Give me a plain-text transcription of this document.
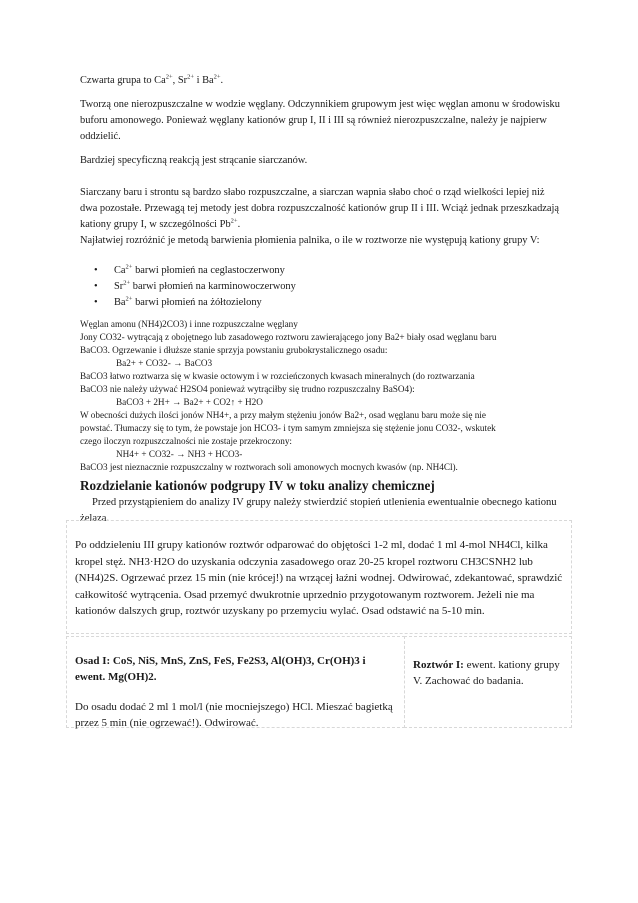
Czwarta grupa to $Ca^{2+}$, $Sr^{2+}$ i $Ba^{2+}$.

Tworzą one nierozpuszczalne w wodzie węglany. Odczynnikiem grupowym jest więc węglan amonu w środowisku buforu amonowego. Ponieważ węglany kationów grup I, II i III są również nierozpuszczalne, należy je najpierw oddzielić.

Bardziej specyficzną reakcją jest strącanie siarczanów.

Siarczany baru i strontu są bardzo słabo rozpuszczalne, a siarczan wapnia słabo choć o rząd wielkości lepiej niż dwa pozostałe. Przewagą tej metody jest dobra rozpuszczalność kationów grup II i III. Wciąż jednak przeszkadzają kationy grupy I, w szczególności $Pb^{2+}$.

Najłatwiej rozróżnić je metodą barwienia płomienia palnika, o ile w roztworze nie występują kationy grupy V:

• $Ca^{2+}$ barwi płomień na ceglastoczerwony
• $Sr^{2+}$ barwi płomień na karminowoczerwony
• $Ba^{2+}$ barwi płomień na żółtozielony
Węglan amonu (NH4)2CO3) i inne rozpuszczalne węglany
Jony CO32- wytrącają z obojętnego lub zasadowego roztworu zawierającego jony Ba2+ biały osad węglanu baru
BaCO3. Ogrzewanie i dłuższe stanie sprzyja powstaniu grubokrystalicznego osadu:
Ba2+ + CO32- → BaCO3
BaCO3 łatwo roztwarza się w kwasie octowym i w rozcieńczonych kwasach mineralnych (do roztwarzania
BaCO3 nie należy używać H2SO4 ponieważ wytrąciłby się trudno rozpuszczalny BaSO4):
BaCO3 + 2H+ → Ba2+ + CO2↑ + H2O
W obecności dużych ilości jonów NH4+, a przy małym stężeniu jonów Ba2+, osad węglanu baru może się nie
powstać. Tłumaczy się to tym, że powstaje jon HCO3- i tym samym zmniejsza się stężenie jonu CO32-, wskutek
czego iloczyn rozpuszczalności nie zostaje przekroczony:
NH4+ + CO32- → NH3 + HCO3-
BaCO3 jest nieznacznie rozpuszczalny w roztworach soli amonowych mocnych kwasów (np. NH4Cl).
Rozdzielanie kationów podgrupy IV w toku analizy chemicznej

Przed przystąpieniem do analizy IV grupy należy stwierdzić stopień utlenienia ewentualnie obecnego kationu żelaza.

Po oddzieleniu III grupy kationów roztwór odparować do objętości 1-2 ml, dodać 1 ml 4-mol NH4Cl, kilka kropel stęż. NH3·H2O do uzyskania odczynia zasadowego oraz 20-25 kropel roztworu CH3CSNH2 lub (NH4)2S. Ogrzewać przez 15 min (nie krócej!) na wrzącej łaźni wodnej. Odwirować, zdekantować, sprawdzić całkowitość wytrącenia. Osad przemyć dwukrotnie uprzednio przygotowanym roztworem. Jeżeli nie ma kationów dalszych grup, roztwór uzyskany po przemyciu wylać. Osad odstawić na 5-10 min.
Osad I: CoS, NiS, MnS, ZnS, FeS, Fe2S3, Al(OH)3, Cr(OH)3 i ewent. Mg(OH)2.
Do osadu dodać 2 ml 1 mol/l (nie mocniejszego) HCl. Mieszać bagietką przez 5 min (nie ogrzewać!). Odwirować.
Roztwór I: ewent. kationy grupy V. Zachować do badania.
